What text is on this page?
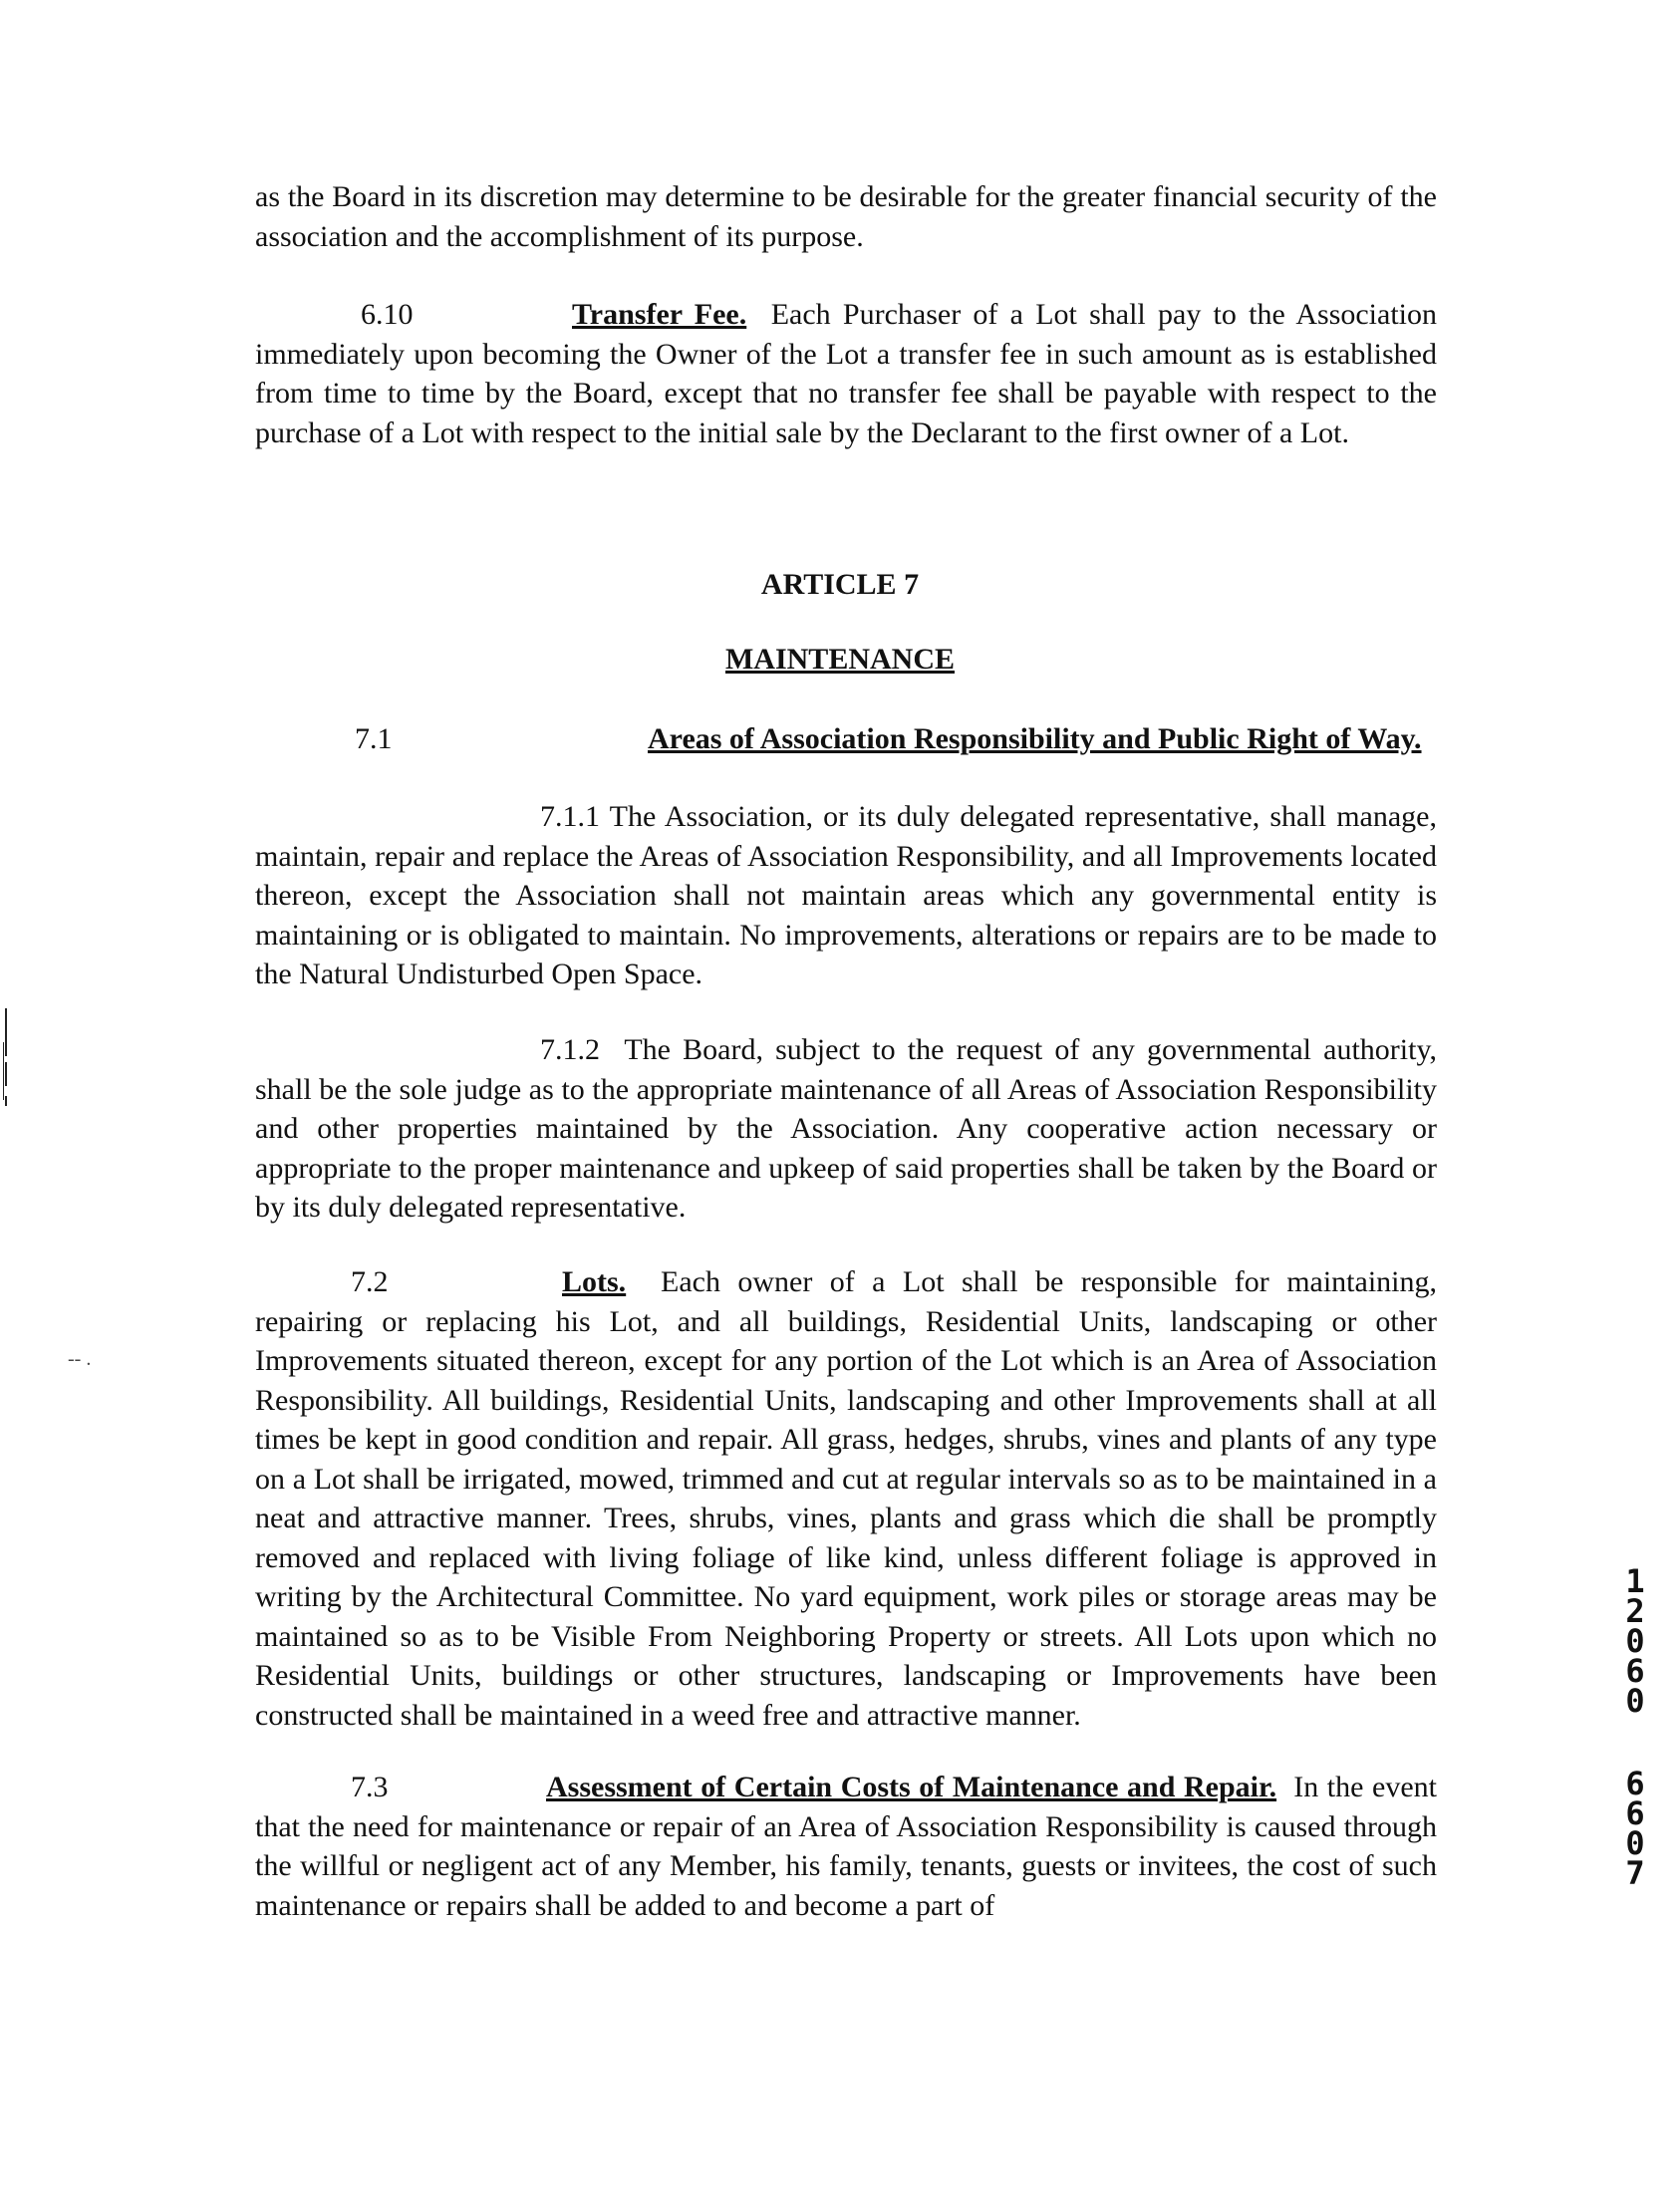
as the Board in its discretion may determine to be desirable for the greater financial security of the association and the accomplishment of its purpose.

6.10	Transfer Fee. Each Purchaser of a Lot shall pay to the Association immediately upon becoming the Owner of the Lot a transfer fee in such amount as is established from time to time by the Board, except that no transfer fee shall be payable with respect to the purchase of a Lot with respect to the initial sale by the Declarant to the first owner of a Lot.

ARTICLE 7

MAINTENANCE

7.1	Areas of Association Responsibility and Public Right of Way.

7.1.1 The Association, or its duly delegated representative, shall manage, maintain, repair and replace the Areas of Association Responsibility, and all Improvements located thereon, except the Association shall not maintain areas which any governmental entity is maintaining or is obligated to maintain. No improvements, alterations or repairs are to be made to the Natural Undisturbed Open Space.

7.1.2 The Board, subject to the request of any governmental authority, shall be the sole judge as to the appropriate maintenance of all Areas of Association Responsibility and other properties maintained by the Association. Any cooperative action necessary or appropriate to the proper maintenance and upkeep of said properties shall be taken by the Board or by its duly delegated representative.

7.2	Lots. Each owner of a Lot shall be responsible for maintaining, repairing or replacing his Lot, and all buildings, Residential Units, landscaping or other Improvements situated thereon, except for any portion of the Lot which is an Area of Association Responsibility. All buildings, Residential Units, landscaping and other Improvements shall at all times be kept in good condition and repair. All grass, hedges, shrubs, vines and plants of any type on a Lot shall be irrigated, mowed, trimmed and cut at regular intervals so as to be maintained in a neat and attractive manner. Trees, shrubs, vines, plants and grass which die shall be promptly removed and replaced with living foliage of like kind, unless different foliage is approved in writing by the Architectural Committee. No yard equipment, work piles or storage areas may be maintained so as to be Visible From Neighboring Property or streets. All Lots upon which no Residential Units, buildings or other structures, landscaping or Improvements have been constructed shall be maintained in a weed free and attractive manner.

7.3	Assessment of Certain Costs of Maintenance and Repair. In the event that the need for maintenance or repair of an Area of Association Responsibility is caused through the willful or negligent act of any Member, his family, tenants, guests or invitees, the cost of such maintenance or repairs shall be added to and become a part of

-- .
1
2
0
6
0
6
6
0
7
